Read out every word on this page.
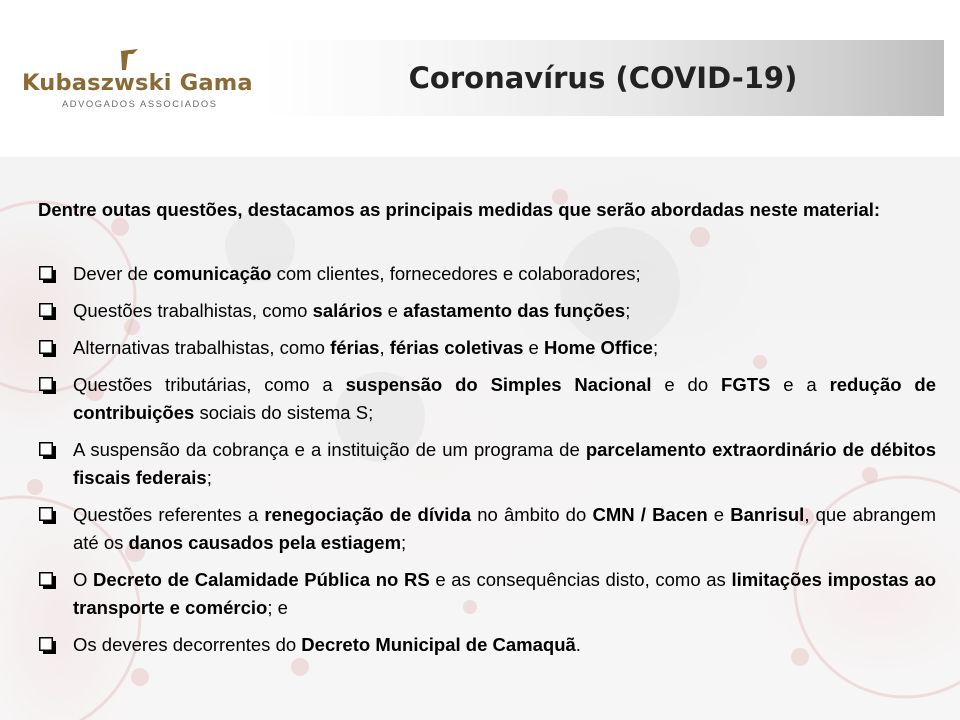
Kubaszwski Gama
ADVOGADOS ASSOCIADOS
Coronavírus (COVID-19)

Dentre outas questões, destacamos as principais medidas que serão abordadas neste material:

Dever de comunicação com clientes, fornecedores e colaboradores;
Questões trabalhistas, como salários e afastamento das funções;
Alternativas trabalhistas, como férias, férias coletivas e Home Office;
Questões tributárias, como a suspensão do Simples Nacional e do FGTS e a redução de contribuições sociais do sistema S;
A suspensão da cobrança e a instituição de um programa de parcelamento extraordinário de débitos fiscais federais;
Questões referentes a renegociação de dívida no âmbito do CMN / Bacen e Banrisul, que abrangem até os danos causados pela estiagem;
O Decreto de Calamidade Pública no RS e as consequências disto, como as limitações impostas ao transporte e comércio; e
Os deveres decorrentes do Decreto Municipal de Camaquã.
